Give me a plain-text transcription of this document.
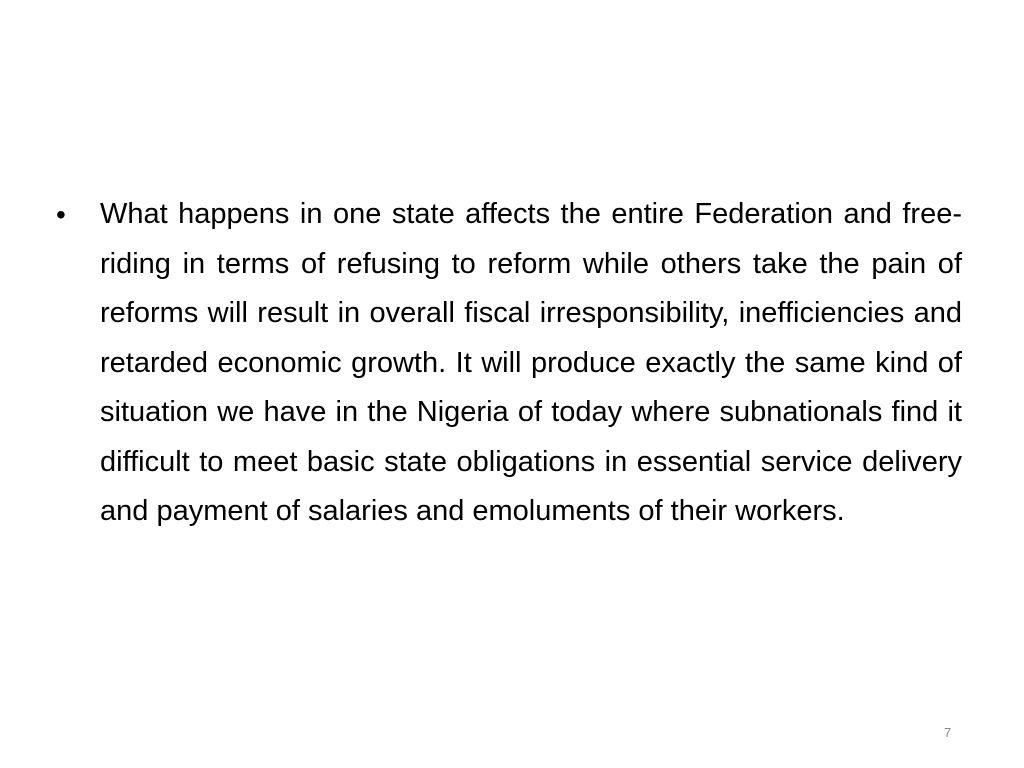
• What happens in one state affects the entire Federation and free-riding in terms of refusing to reform while others take the pain of reforms will result in overall fiscal irresponsibility, inefficiencies and retarded economic growth. It will produce exactly the same kind of situation we have in the Nigeria of today where subnationals find it difficult to meet basic state obligations in essential service delivery and payment of salaries and emoluments of their workers.
7
